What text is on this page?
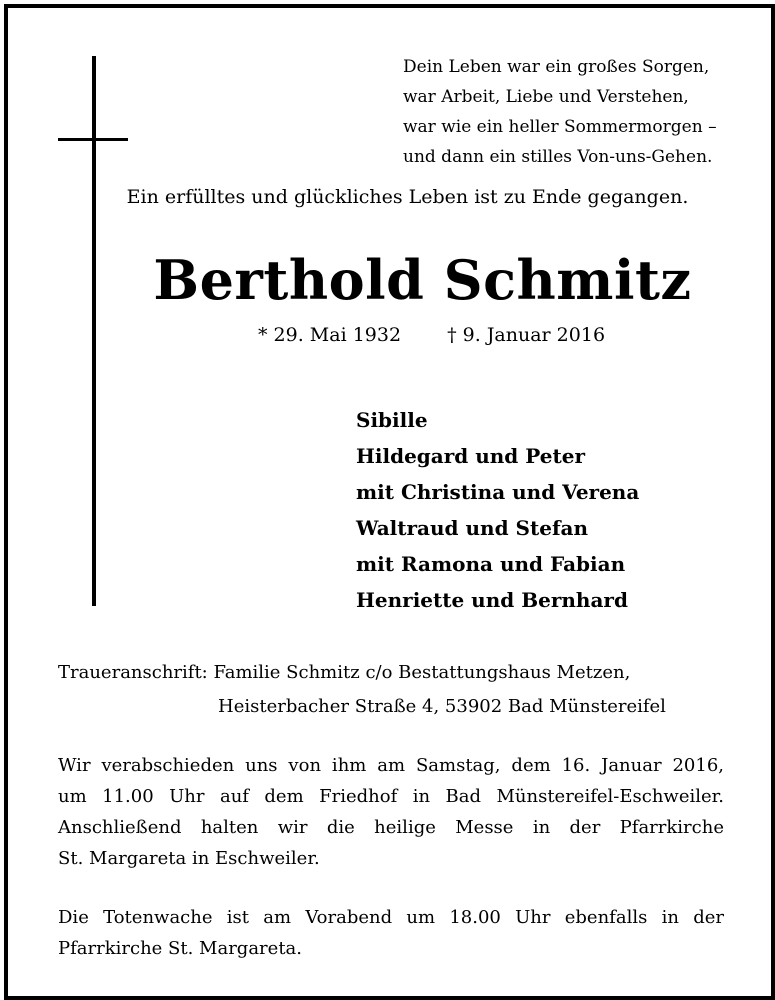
Dein Leben war ein großes Sorgen,
war Arbeit, Liebe und Verstehen,
war wie ein heller Sommermorgen –
und dann ein stilles Von-uns-Gehen.
Ein erfülltes und glückliches Leben ist zu Ende gegangen.
Berthold Schmitz
* 29. Mai 1932 † 9. Januar 2016
Sibille
Hildegard und Peter
mit Christina und Verena
Waltraud und Stefan
mit Ramona und Fabian
Henriette und Bernhard
Traueranschrift: Familie Schmitz c/o Bestattungshaus Metzen,
Heisterbacher Straße 4, 53902 Bad Münstereifel
Wir verabschieden uns von ihm am Samstag, dem 16. Januar 2016,
um 11.00 Uhr auf dem Friedhof in Bad Münstereifel-Eschweiler.
Anschließend halten wir die heilige Messe in der Pfarrkirche
St. Margareta in Eschweiler.
Die Totenwache ist am Vorabend um 18.00 Uhr ebenfalls in der
Pfarrkirche St. Margareta.
